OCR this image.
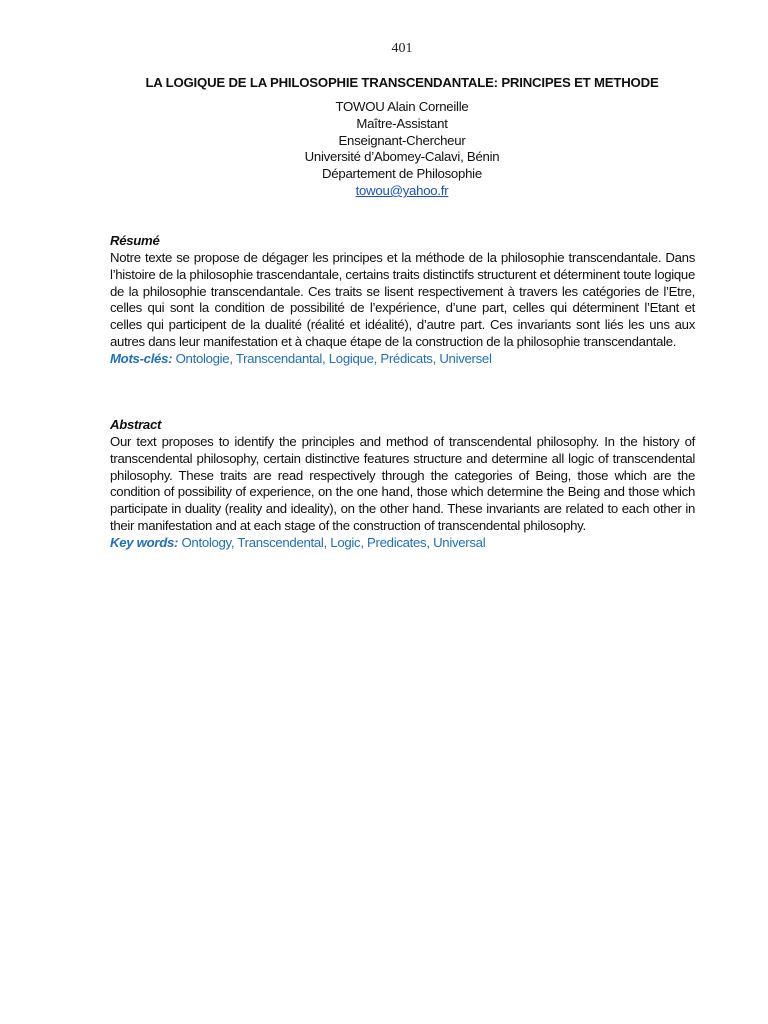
401
LA LOGIQUE DE LA PHILOSOPHIE TRANSCENDANTALE: PRINCIPES ET METHODE
TOWOU Alain Corneille
Maître-Assistant
Enseignant-Chercheur
Université d’Abomey-Calavi, Bénin
Département de Philosophie
towou@yahoo.fr
Résumé
Notre texte se propose de dégager les principes et la méthode de la philosophie transcendantale. Dans l’histoire de la philosophie trascendantale, certains traits distinctifs structurent et déterminent toute logique de la philosophie transcendantale. Ces traits se lisent respectivement à travers les catégories de l’Etre, celles qui sont la condition de possibilité de l’expérience, d’une part, celles qui déterminent l’Etant et celles qui participent de la dualité (réalité et idéalité), d’autre part. Ces invariants sont liés les uns aux autres dans leur manifestation et à chaque étape de la construction de la philosophie transcendantale.
Mots-clés: Ontologie, Transcendantal, Logique, Prédicats, Universel
Abstract
Our text proposes to identify the principles and method of transcendental philosophy. In the history of transcendental philosophy, certain distinctive features structure and determine all logic of transcendental philosophy. These traits are read respectively through the categories of Being, those which are the condition of possibility of experience, on the one hand, those which determine the Being and those which participate in duality (reality and ideality), on the other hand. These invariants are related to each other in their manifestation and at each stage of the construction of transcendental philosophy.
Key words: Ontology, Transcendental, Logic, Predicates, Universal
